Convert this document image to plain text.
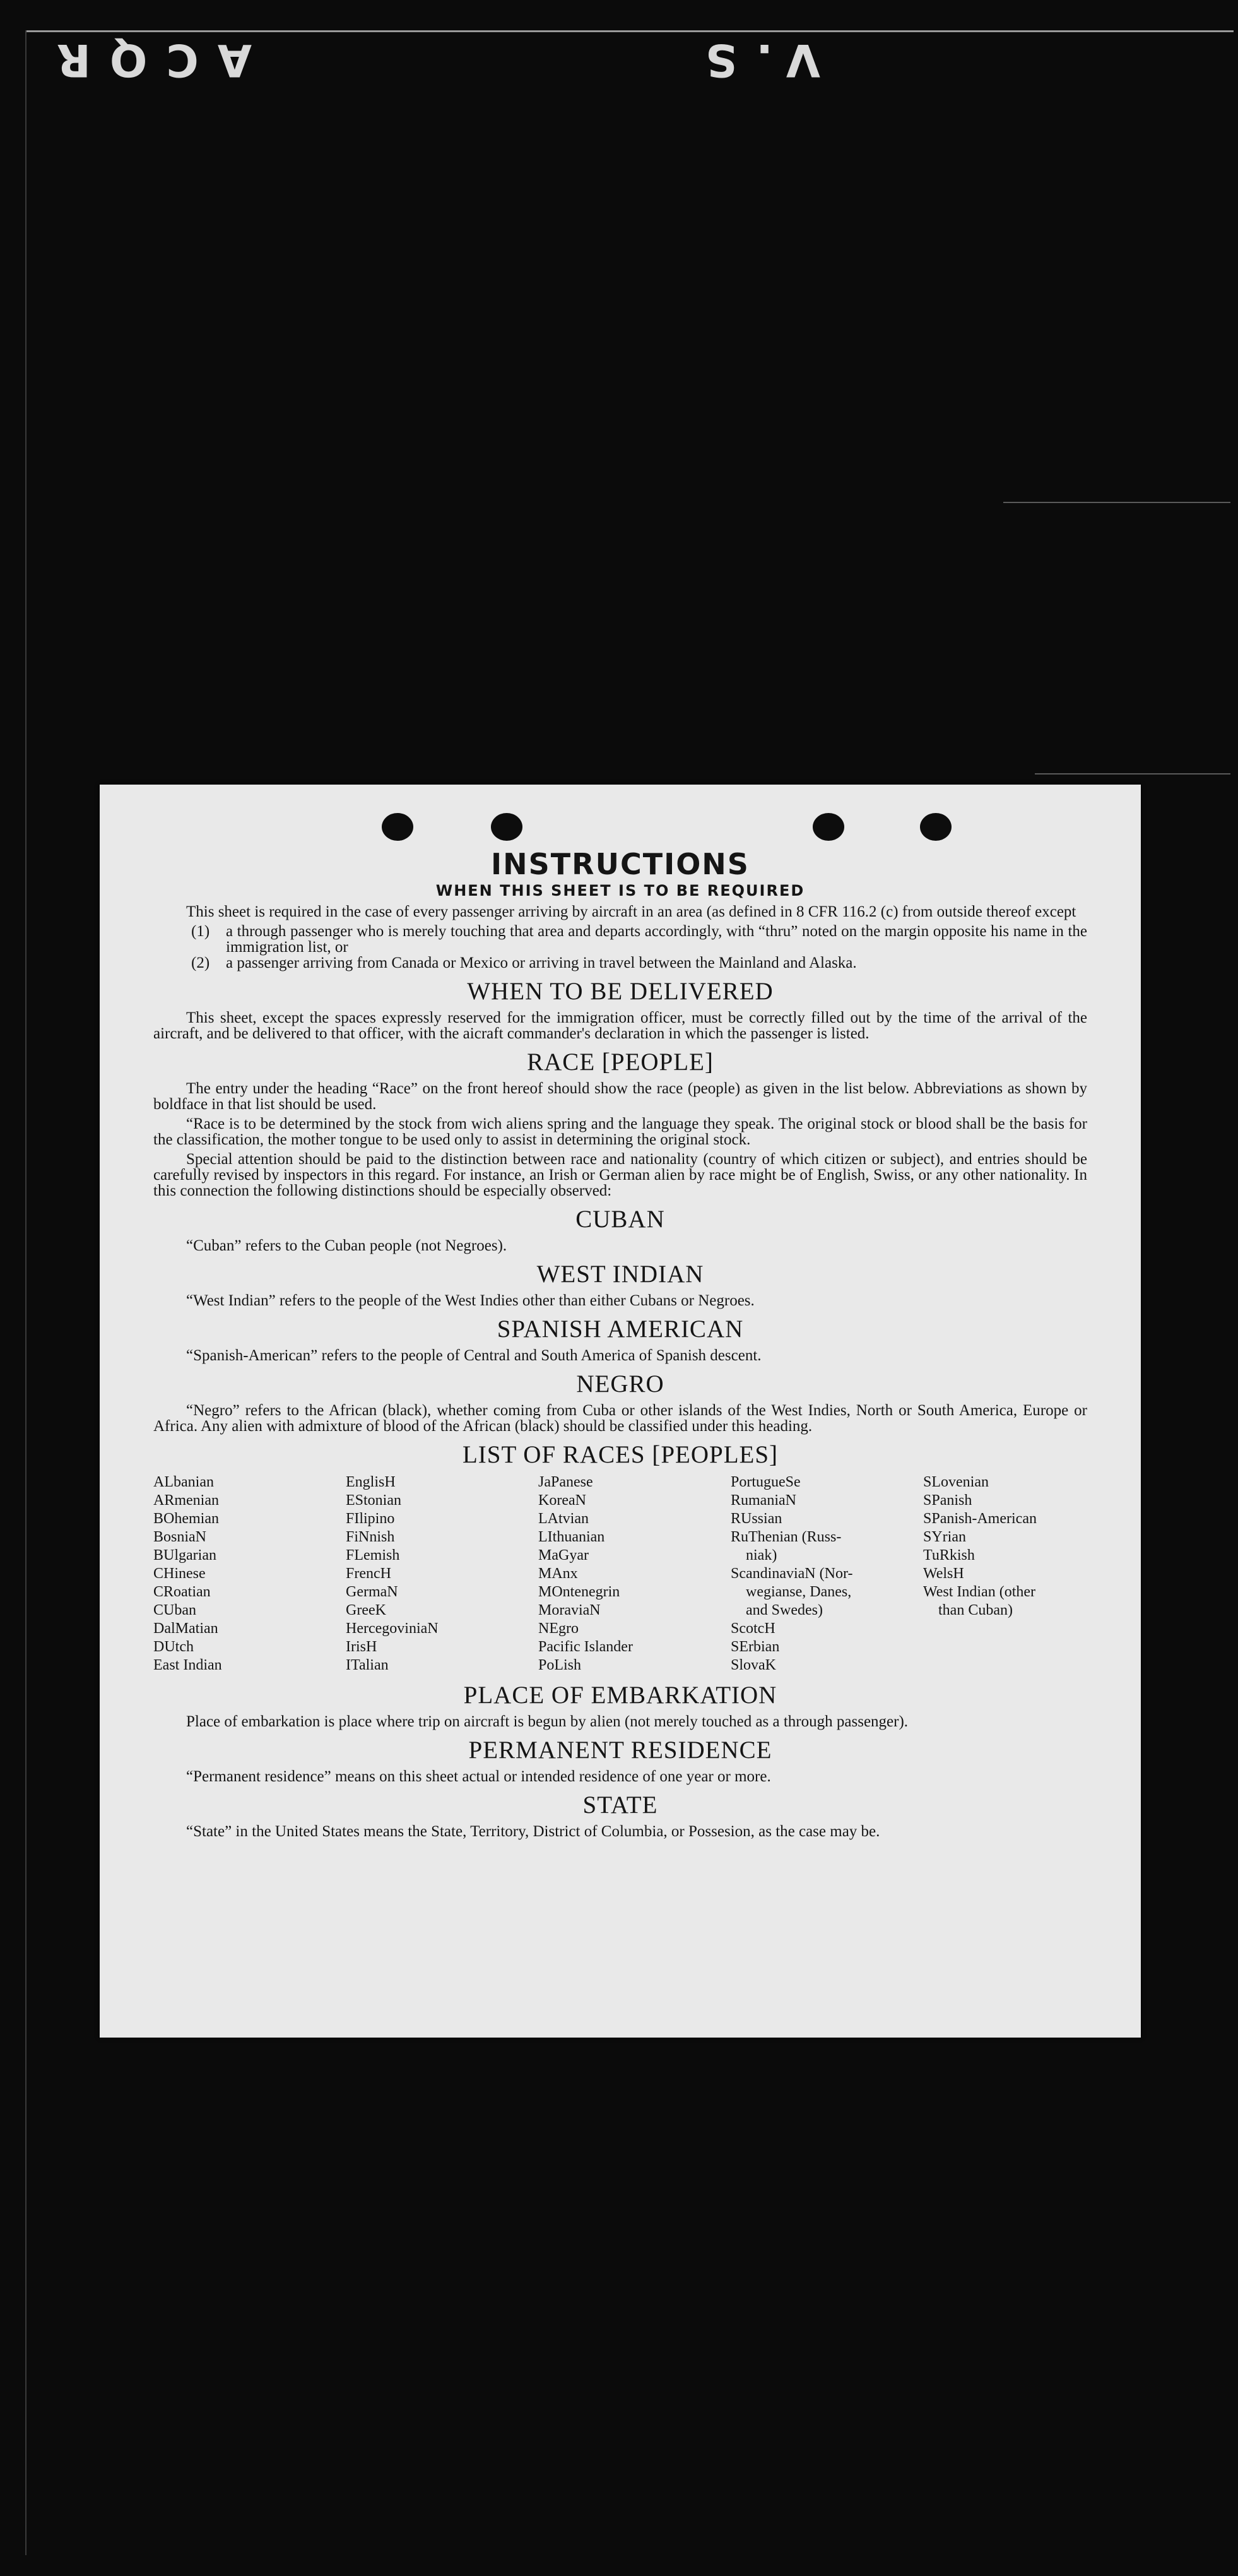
V.S
ACQR
INSTRUCTIONS
WHEN THIS SHEET IS TO BE REQUIRED

This sheet is required in the case of every passenger arriving by aircraft in an area (as defined in 8 CFR 116.2 (c) from outside thereof except

(1)	a through passenger who is merely touching that area and departs accordingly, with “thru” noted on the margin opposite his name in the immigration list, or
(2)	a passenger arriving from Canada or Mexico or arriving in travel between the Mainland and Alaska.
WHEN TO BE DELIVERED

This sheet, except the spaces expressly reserved for the immigration officer, must be correctly filled out by the time of the arrival of the aircraft, and be delivered to that officer, with the aicraft commander's declaration in which the passenger is listed.

RACE [PEOPLE]

The entry under the heading “Race” on the front hereof should show the race (people) as given in the list below. Abbreviations as shown by boldface in that list should be used.

“Race is to be determined by the stock from wich aliens spring and the language they speak. The original stock or blood shall be the basis for the classification, the mother tongue to be used only to assist in determining the original stock.

Special attention should be paid to the distinction between race and nationality (country of which citizen or subject), and entries should be carefully revised by inspectors in this regard. For instance, an Irish or German alien by race might be of English, Swiss, or any other nationality. In this connection the following distinctions should be especially observed:

CUBAN

“Cuban” refers to the Cuban people (not Negroes).

WEST INDIAN

“West Indian” refers to the people of the West Indies other than either Cubans or Negroes.

SPANISH AMERICAN

“Spanish-American” refers to the people of Central and South America of Spanish descent.

NEGRO

“Negro” refers to the African (black), whether coming from Cuba or other islands of the West Indies, North or South America, Europe or Africa. Any alien with admixture of blood of the African (black) should be classified under this heading.

LIST OF RACES [PEOPLES]
ALbanian
ARmenian
BOhemian
BosniaN
BUlgarian
CHinese
CRoatian
CUban
DalMatian
DUtch
East Indian
EnglisH
EStonian
FIlipino
FiNnish
FLemish
FrencH
GermaN
GreeK
HercegoviniaN
IrisH
ITalian
JaPanese
KoreaN
LAtvian
LIthuanian
MaGyar
MAnx
MOntenegrin
MoraviaN
NEgro
Pacific Islander
PoLish
PortugueSe
RumaniaN
RUssian
RuThenian (Russ-
niak)
ScandinaviaN (Nor-
wegianse, Danes,
and Swedes)
ScotcH
SErbian
SlovaK
SLovenian
SPanish
SPanish-American
SYrian
TuRkish
WelsH
West Indian (other
than Cuban)
PLACE OF EMBARKATION

Place of embarkation is place where trip on aircraft is begun by alien (not merely touched as a through passenger).

PERMANENT RESIDENCE

“Permanent residence” means on this sheet actual or intended residence of one year or more.

STATE

“State” in the United States means the State, Territory, District of Columbia, or Possesion, as the case may be.
